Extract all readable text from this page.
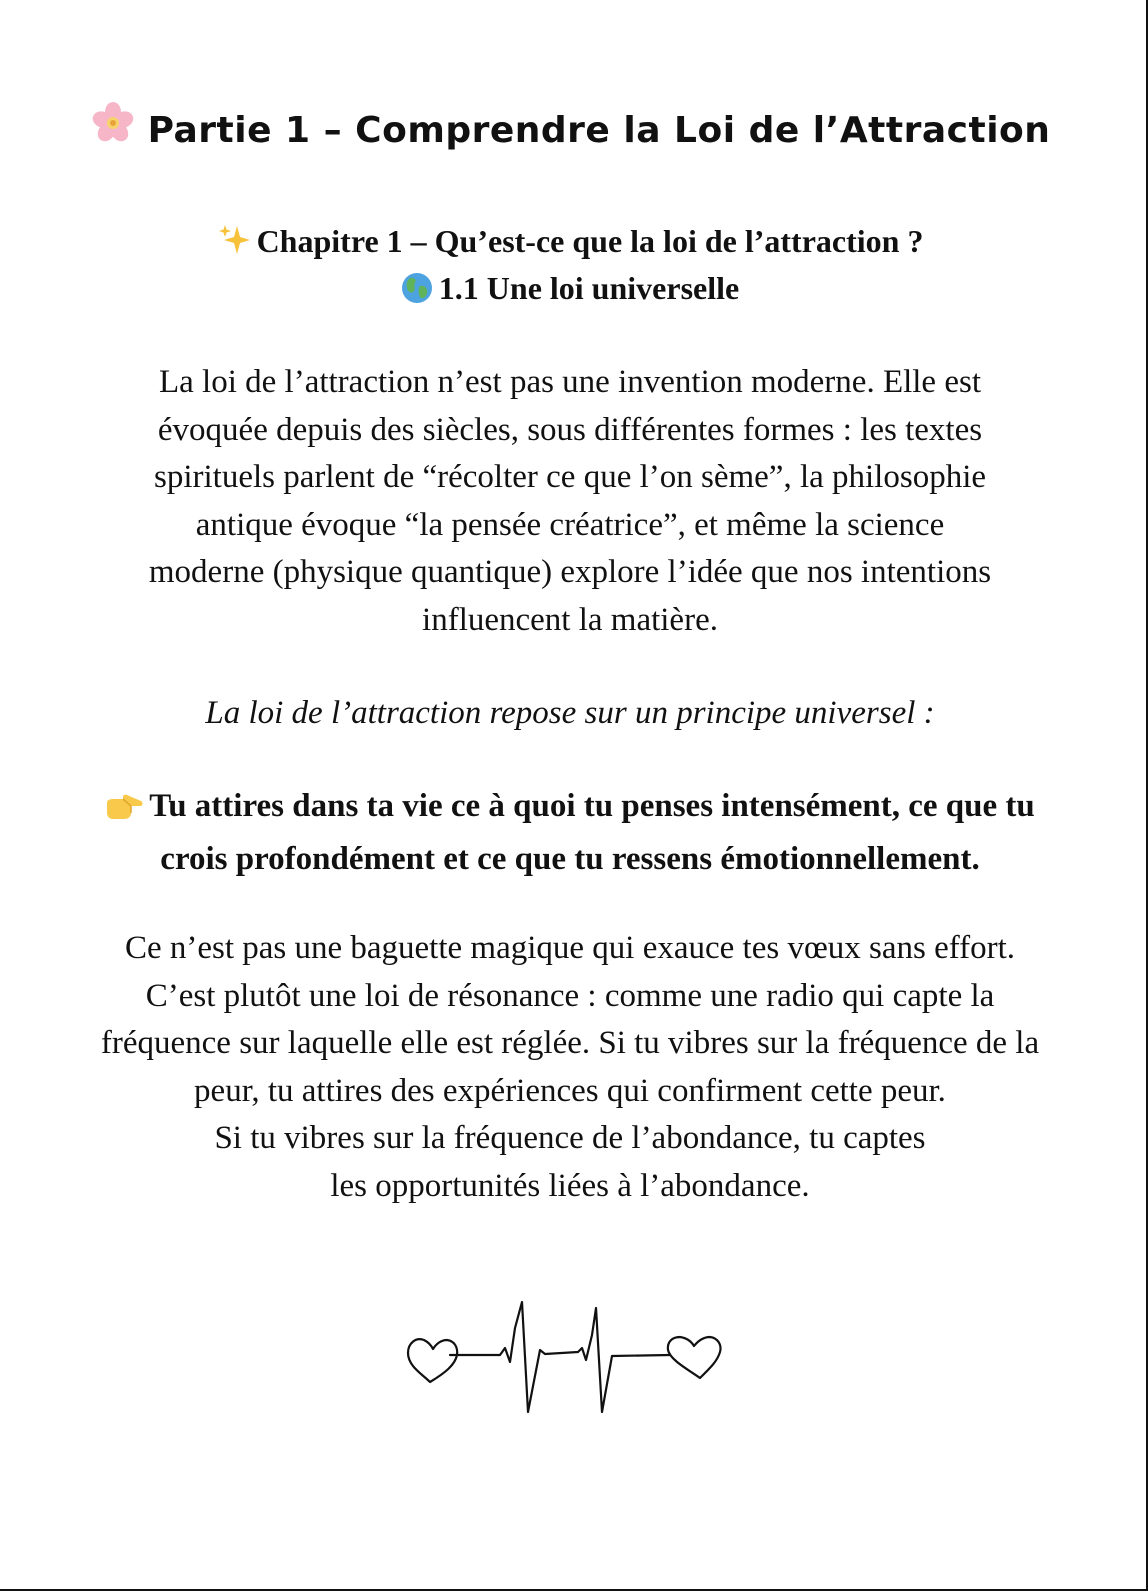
Partie 1 – Comprendre la Loi de l’Attraction
Chapitre 1 – Qu’est-ce que la loi de l’attraction ?
1.1 Une loi universelle
La loi de l’attraction n’est pas une invention moderne. Elle est
évoquée depuis des siècles, sous différentes formes : les textes
spirituels parlent de “récolter ce que l’on sème”, la philosophie
antique évoque “la pensée créatrice”, et même la science
moderne (physique quantique) explore l’idée que nos intentions
influencent la matière.
La loi de l’attraction repose sur un principe universel :
Tu attires dans ta vie ce à quoi tu penses intensément, ce que tu
crois profondément et ce que tu ressens émotionnellement.
Ce n’est pas une baguette magique qui exauce tes vœux sans effort.
C’est plutôt une loi de résonance : comme une radio qui capte la
fréquence sur laquelle elle est réglée. Si tu vibres sur la fréquence de la
peur, tu attires des expériences qui confirment cette peur.
Si tu vibres sur la fréquence de l’abondance, tu captes
les opportunités liées à l’abondance.
